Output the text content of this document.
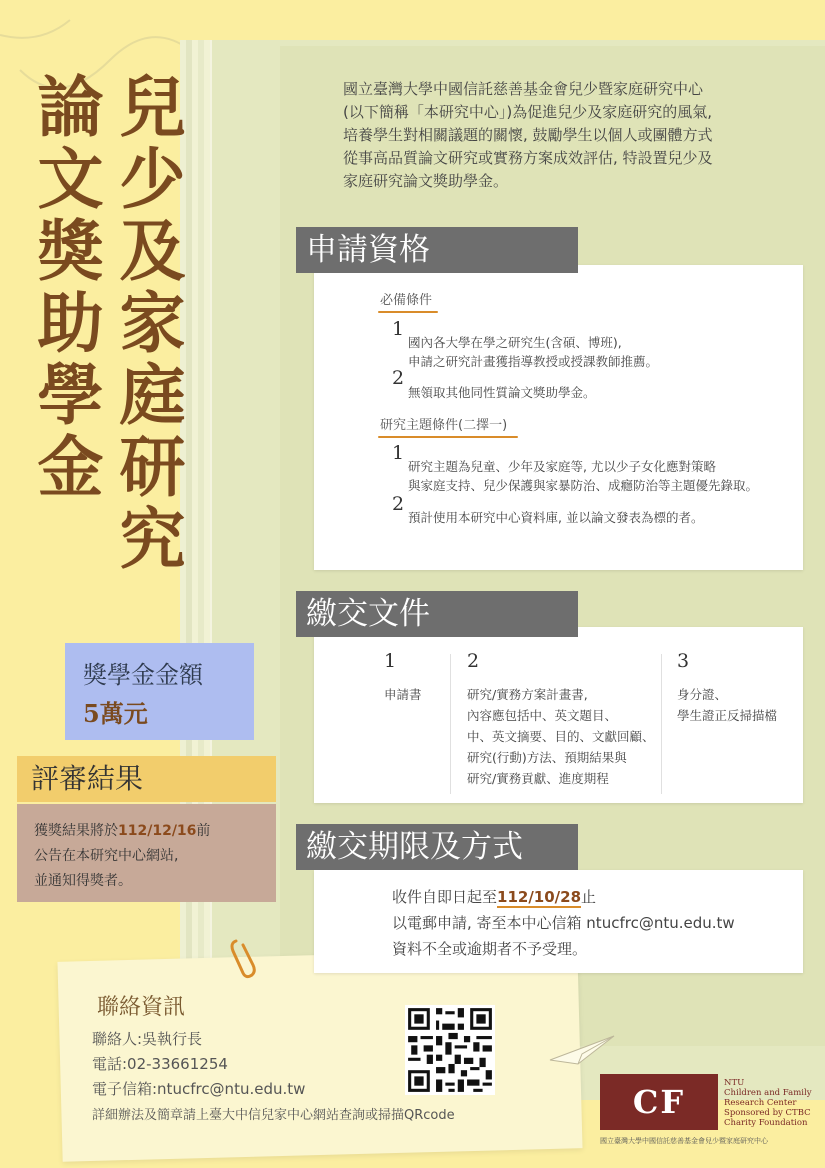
兒少及家庭研究
論文獎助學金	國立臺灣大學中國信託慈善基金會兒少暨家庭研究中心

(以下簡稱「本研究中心」)為促進兒少及家庭研究的風氣,

培養學生對相關議題的關懷, 鼓勵學生以個人或團體方式

從事高品質論文研究或實務方案成效評估, 特設置兒少及

家庭研究論文獎助學金。

申請資格
必備條件
1
國內各大學在學之研究生(含碩、博班),
申請之研究計畫獲指導教授或授課教師推薦。
2
無領取其他同性質論文獎助學金。
研究主題條件(二擇一)
1
研究主題為兒童、少年及家庭等, 尤以少子女化應對策略
與家庭支持、兒少保護與家暴防治、成癮防治等主題優先錄取。
2
預計使用本研究中心資料庫, 並以論文發表為標的者。
繳交文件
1
申請書
2
研究/實務方案計畫書,
內容應包括中、英文題目、
中、英文摘要、目的、文獻回顧、
研究(行動)方法、預期結果與
研究/實務貢獻、進度期程
3
身分證、
學生證正反掃描檔
獎學金金額
5萬元
評審結果
獲獎結果將於112/12/16前
公告在本研究中心網站,
並通知得獎者。
繳交期限及方式
收件自即日起至112/10/28止
以電郵申請, 寄至本中心信箱 ntucfrc@ntu.edu.tw
資料不全或逾期者不予受理。
聯絡資訊
聯絡人:吳執行長
電話:02-33661254
電子信箱:ntucfrc@ntu.edu.tw
詳細辦法及簡章請上臺大中信兒家中心網站查詢或掃描QRcode	CF	NTU
Children and Family
Research Center
Sponsored by CTBC
Charity Foundation
國立臺灣大學中國信託慈善基金會兒少暨家庭研究中心
